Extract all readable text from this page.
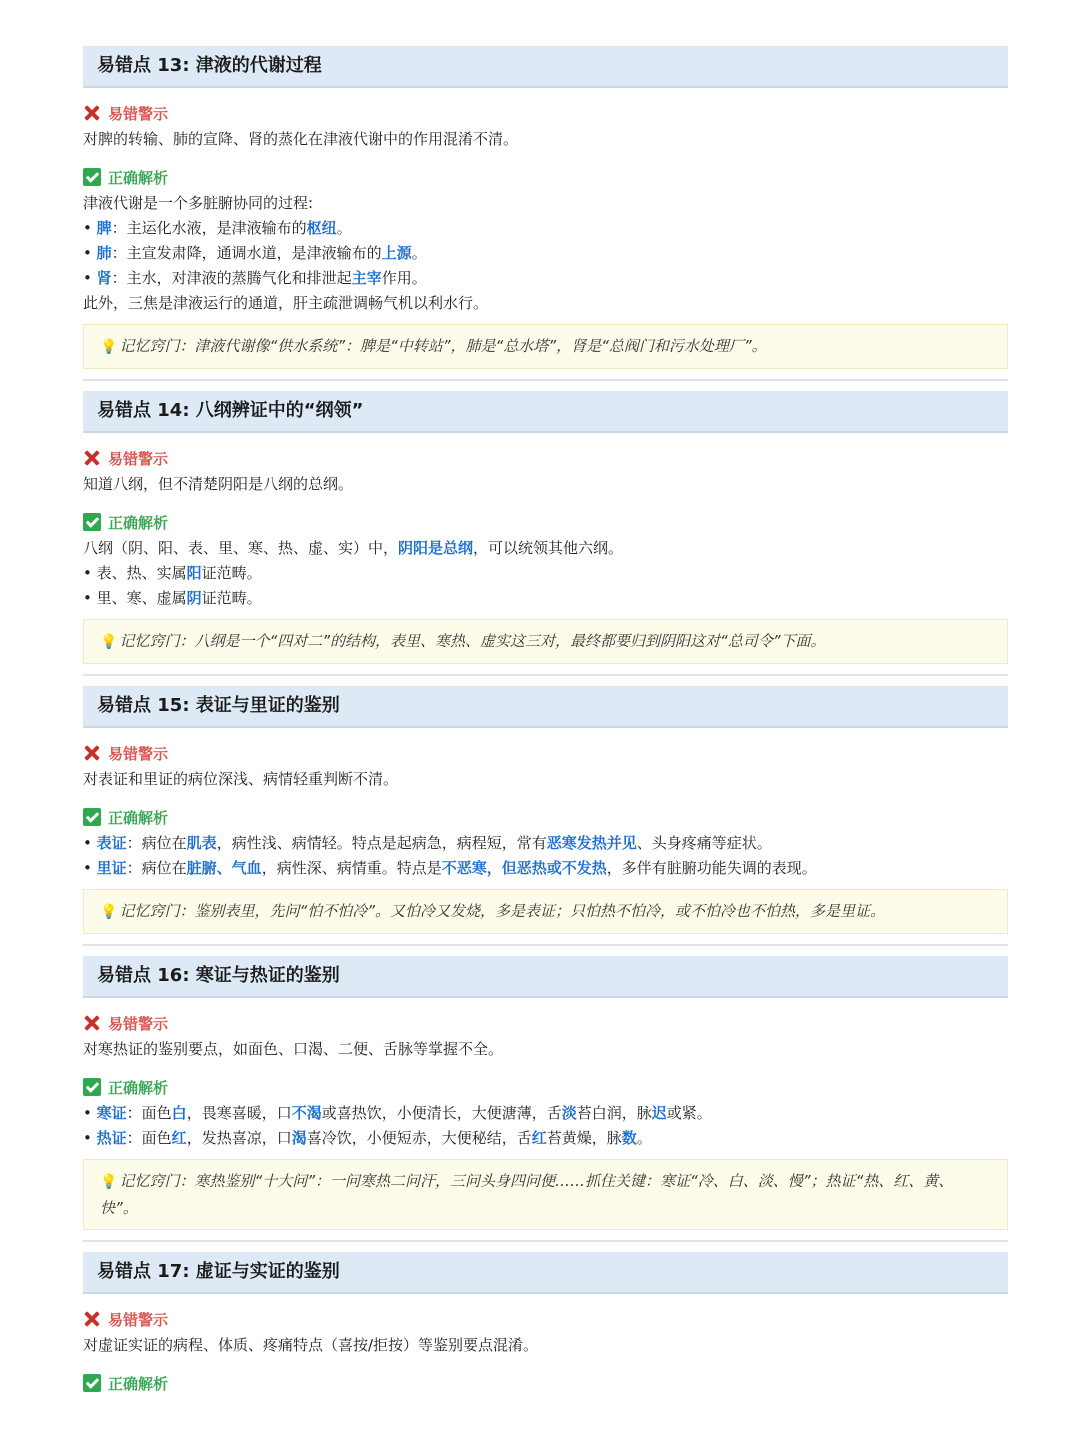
易错点 13: 津液的代谢过程
易错警示
对脾的转输、肺的宣降、肾的蒸化在津液代谢中的作用混淆不清。
正确解析
津液代谢是一个多脏腑协同的过程:
• 脾：主运化水液，是津液输布的枢纽。
• 肺：主宣发肃降，通调水道，是津液输布的上源。
• 肾：主水，对津液的蒸腾气化和排泄起主宰作用。
此外，三焦是津液运行的通道，肝主疏泄调畅气机以利水行。
💡 记忆窍门：津液代谢像“供水系统”：脾是“中转站”，肺是“总水塔”，肾是“总阀门和污水处理厂”。
易错点 14: 八纲辨证中的“纲领”
易错警示
知道八纲，但不清楚阴阳是八纲的总纲。
正确解析
八纲（阴、阳、表、里、寒、热、虚、实）中，阴阳是总纲，可以统领其他六纲。
• 表、热、实属阳证范畴。
• 里、寒、虚属阴证范畴。
💡 记忆窍门：八纲是一个“四对二”的结构，表里、寒热、虚实这三对，最终都要归到阴阳这对“总司令”下面。
易错点 15: 表证与里证的鉴别
易错警示
对表证和里证的病位深浅、病情轻重判断不清。
正确解析
• 表证：病位在肌表，病性浅、病情轻。特点是起病急，病程短，常有恶寒发热并见、头身疼痛等症状。
• 里证：病位在脏腑、气血，病性深、病情重。特点是不恶寒，但恶热或不发热，多伴有脏腑功能失调的表现。
💡 记忆窍门：鉴别表里，先问“怕不怕冷”。又怕冷又发烧，多是表证；只怕热不怕冷，或不怕冷也不怕热，多是里证。
易错点 16: 寒证与热证的鉴别
易错警示
对寒热证的鉴别要点，如面色、口渴、二便、舌脉等掌握不全。
正确解析
• 寒证：面色白，畏寒喜暖，口不渴或喜热饮，小便清长，大便溏薄，舌淡苔白润，脉迟或紧。
• 热证：面色红，发热喜凉，口渴喜冷饮，小便短赤，大便秘结，舌红苔黄燥，脉数。
💡 记忆窍门：寒热鉴别“十大问”：一问寒热二问汗，三问头身四问便……抓住关键：寒证“冷、白、淡、慢”；热证“热、红、黄、快”。
易错点 17: 虚证与实证的鉴别
易错警示
对虚证实证的病程、体质、疼痛特点（喜按/拒按）等鉴别要点混淆。
正确解析
